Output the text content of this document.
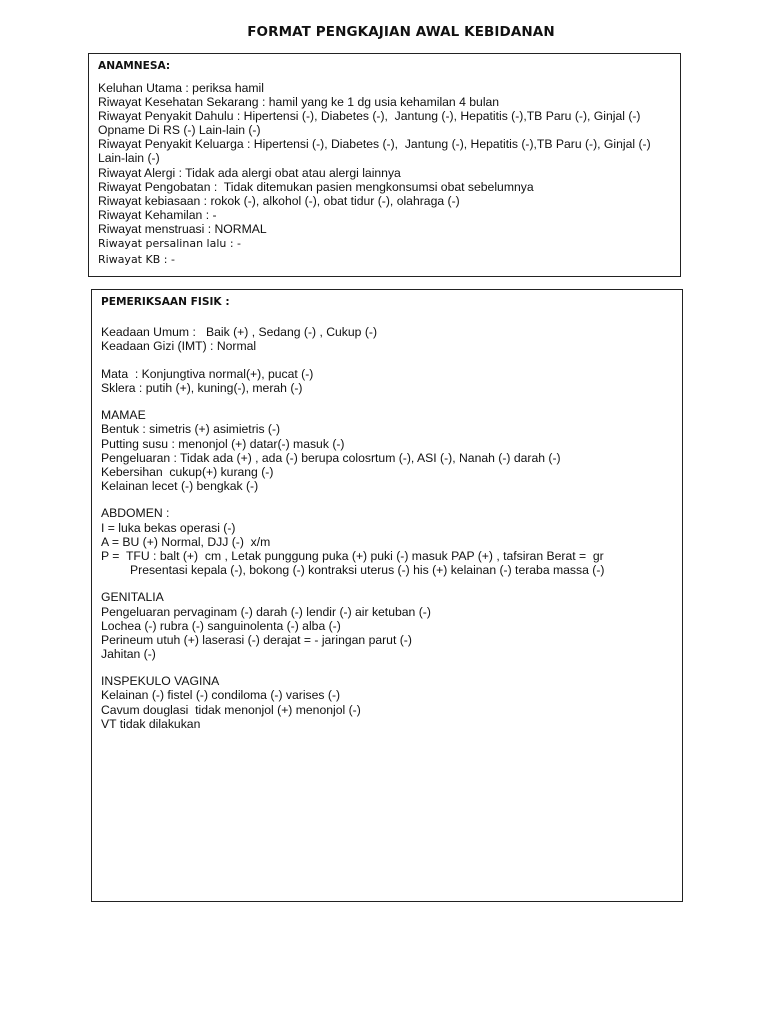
FORMAT PENGKAJIAN AWAL KEBIDANAN
ANAMNESA:
Keluhan Utama : periksa hamil
Riwayat Kesehatan Sekarang : hamil yang ke 1 dg usia kehamilan 4 bulan
Riwayat Penyakit Dahulu : Hipertensi (-), Diabetes (-),  Jantung (-), Hepatitis (-),TB Paru (-), Ginjal (-)
Opname Di RS (-) Lain-lain (-)
Riwayat Penyakit Keluarga : Hipertensi (-), Diabetes (-),  Jantung (-), Hepatitis (-),TB Paru (-), Ginjal (-)
Lain-lain (-)
Riwayat Alergi : Tidak ada alergi obat atau alergi lainnya
Riwayat Pengobatan :  Tidak ditemukan pasien mengkonsumsi obat sebelumnya
Riwayat kebiasaan : rokok (-), alkohol (-), obat tidur (-), olahraga (-)
Riwayat Kehamilan : -
Riwayat menstruasi : NORMAL
Riwayat persalinan lalu : -
Riwayat KB : -
PEMERIKSAAN FISIK :
Keadaan Umum :   Baik (+) , Sedang (-) , Cukup (-)
Keadaan Gizi (IMT) : Normal
Mata  : Konjungtiva normal(+), pucat (-)
Sklera : putih (+), kuning(-), merah (-)
MAMAE
Bentuk : simetris (+) asimietris (-)
Putting susu : menonjol (+) datar(-) masuk (-)
Pengeluaran : Tidak ada (+) , ada (-) berupa colosrtum (-), ASI (-), Nanah (-) darah (-)
Kebersihan  cukup(+) kurang (-)
Kelainan lecet (-) bengkak (-)
ABDOMEN :
I = luka bekas operasi (-)
A = BU (+) Normal, DJJ (-)  x/m
P =  TFU : balt (+)  cm , Letak punggung puka (+) puki (-) masuk PAP (+) , tafsiran Berat =  gr
Presentasi kepala (-), bokong (-) kontraksi uterus (-) his (+) kelainan (-) teraba massa (-)
GENITALIA
Pengeluaran pervaginam (-) darah (-) lendir (-) air ketuban (-)
Lochea (-) rubra (-) sanguinolenta (-) alba (-)
Perineum utuh (+) laserasi (-) derajat = - jaringan parut (-)
Jahitan (-)
INSPEKULO VAGINA
Kelainan (-) fistel (-) condiloma (-) varises (-)
Cavum douglasi  tidak menonjol (+) menonjol (-)
VT tidak dilakukan
